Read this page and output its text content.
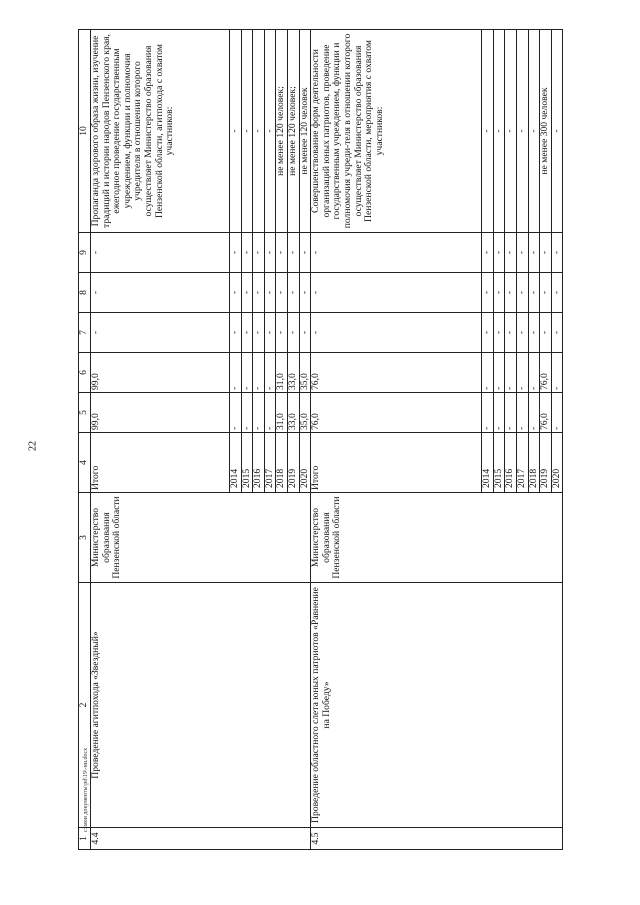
22
c:\мои документы\pd\19\-ни.docx
1	2	3	4	5	6	7	8	9	10
4.4	Проведение агитпохода «Звездный»	Министерство образования Пензенской области	Итого	99,0	99,0	-	-	-	Пропаганда здорового образа жизни, изучение традиций и истории народов Пензенского края, ежегодное проведение государственным учреждением, функции и полномочия учредителя в отношении которого осуществляет Министерство образования Пензенской области, агитпохода с охватом участников:
			2014	-	-	-	-	-	-
			2015	-	-	-	-	-	-
			2016	-	-	-	-	-	-
			2017	-	-	-	-	-	-
			2018	31,0	31,0	-	-	-	не менее 120 человек;
			2019	33,0	33,0	-	-	-	не менее 120 человек;
			2020	35,0	35,0	-	-	-	не менее 120 человек
4.5	Проведение областного слета юных патриотов «Равнение на Победу»	Министерство образования Пензенской области	Итого	76,0	76,0	-	-	-	Совершенствование форм деятельности организаций юных патриотов, проведение государственным учреждением, функции и полномочия учреди-теля в отношении которого осуществляет Министерство образования Пензенской области, мероприятия с охватом участников:
			2014	-	-	-	-	-	-
			2015	-	-	-	-	-	-
			2016	-	-	-	-	-	-
			2017	-	-	-	-	-	-
			2018	-	-	-	-	-	-
			2019	76,0	76,0	-	-	-	не менее 300 человек
			2020	-	-	-	-	-	-
